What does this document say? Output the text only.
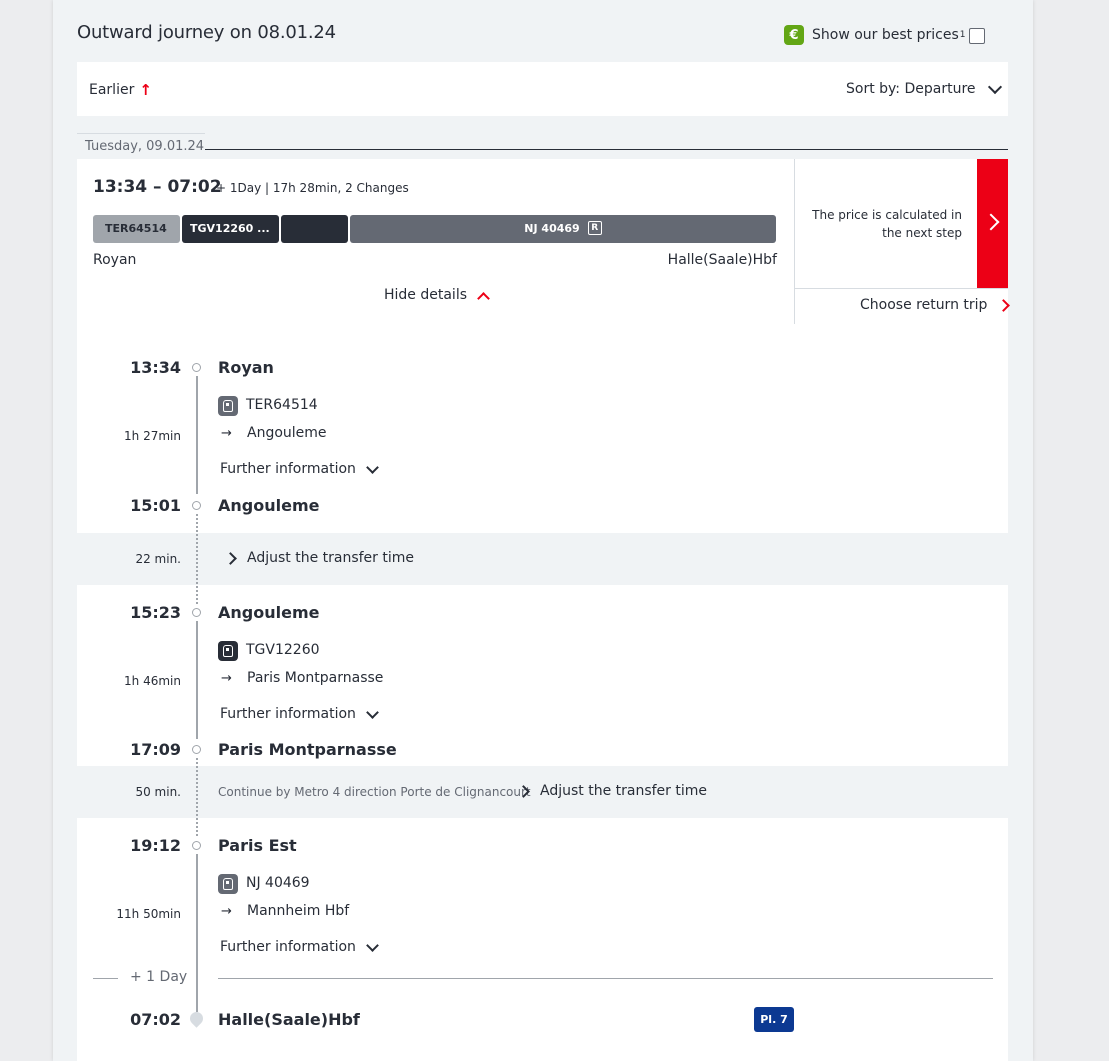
Outward journey on 08.01.24	€ Show our best prices 1
Earlier ↑	Sort by: Departure
Tuesday, 09.01.24
13:34 – 07:02
+ 1Day | 17h 28min, 2 Changes
TER64514	TGV12260 ...	NJ 40469 R
Royan	Halle(Saale)Hbf
Hide details
The price is calculated in the next step
Choose return trip
13:34 Royan
TER64514
1h 27min	→ Angouleme
Further information
15:01 Angouleme
22 min.	Adjust the transfer time
15:23 Angouleme
TGV12260
1h 46min	→ Paris Montparnasse
Further information
17:09 Paris Montparnasse
50 min.	Continue by Metro 4 direction Porte de Clignancourt Adjust the transfer time
19:12 Paris Est
NJ 40469
11h 50min	→ Mannheim Hbf
Further information
+ 1 Day
07:02 Halle(Saale)Hbf	Pl. 7
